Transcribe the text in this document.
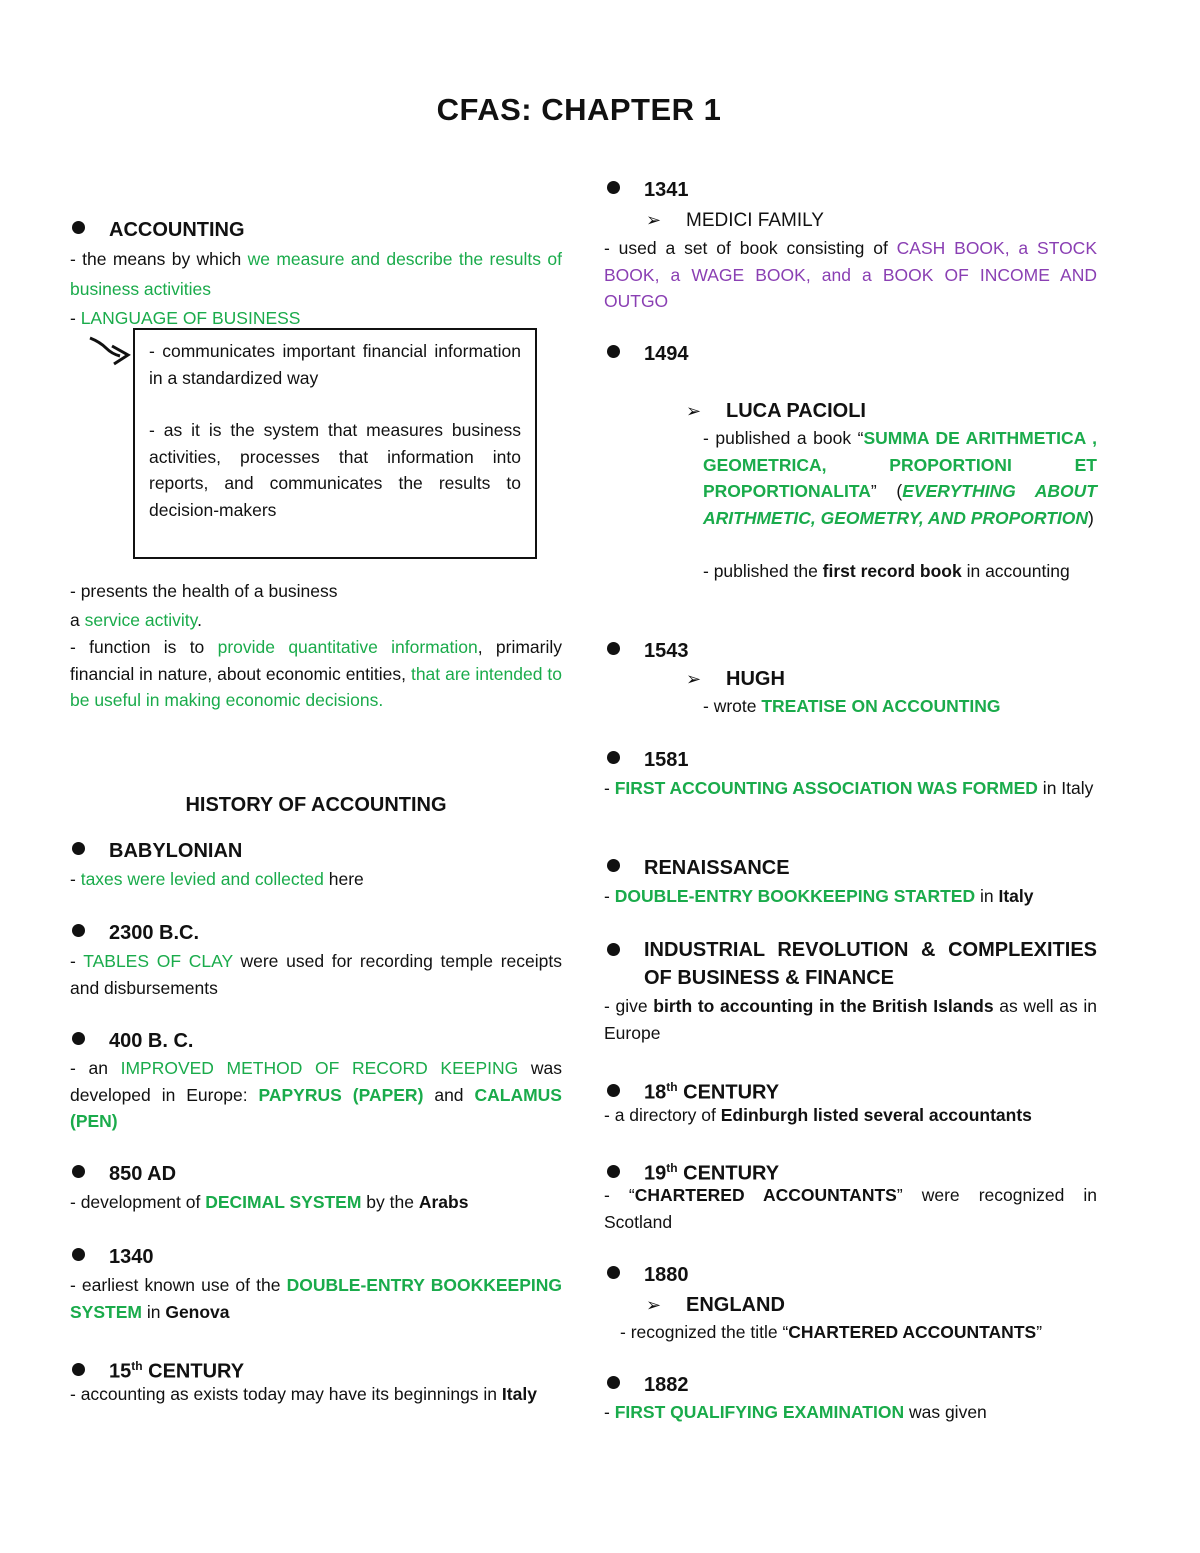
CFAS: CHAPTER 1
ACCOUNTING
- the means by which we measure and describe the results of business activities
- LANGUAGE OF BUSINESS
- communicates important financial information in a standardized way
- as it is the system that measures business activities, processes that information into reports, and communicates the results to decision-makers
- presents the health of a business
a service activity.
- function is to provide quantitative information, primarily financial in nature, about economic entities, that are intended to be useful in making economic decisions.
HISTORY OF ACCOUNTING
BABYLONIAN
- taxes were levied and collected here
2300 B.C.
- TABLES OF CLAY were used for recording temple receipts and disbursements
400 B. C.
- an IMPROVED METHOD OF RECORD KEEPING was developed in Europe: PAPYRUS (PAPER) and CALAMUS (PEN)
850 AD
- development of DECIMAL SYSTEM by the Arabs
1340
- earliest known use of the DOUBLE-ENTRY BOOKKEEPING SYSTEM in Genova
15th CENTURY
- accounting as exists today may have its beginnings in Italy
1341
➢ MEDICI FAMILY
- used a set of book consisting of CASH BOOK, a STOCK BOOK, a WAGE BOOK, and a BOOK OF INCOME AND OUTGO
1494
➢ LUCA PACIOLI
- published a book “SUMMA DE ARITHMETICA , GEOMETRICA, PROPORTIONI ET PROPORTIONALITA” (EVERYTHING ABOUT ARITHMETIC, GEOMETRY, AND PROPORTION)
- published the first record book in accounting
1543
➢ HUGH
- wrote TREATISE ON ACCOUNTING
1581
- FIRST ACCOUNTING ASSOCIATION WAS FORMED in Italy
RENAISSANCE
- DOUBLE-ENTRY BOOKKEEPING STARTED in Italy
INDUSTRIAL REVOLUTION & COMPLEXITIES OF BUSINESS & FINANCE
- give birth to accounting in the British Islands as well as in Europe
18th CENTURY
- a directory of Edinburgh listed several accountants
19th CENTURY
- “CHARTERED ACCOUNTANTS” were recognized in Scotland
1880
➢ ENGLAND
- recognized the title “CHARTERED ACCOUNTANTS”
1882
- FIRST QUALIFYING EXAMINATION was given
